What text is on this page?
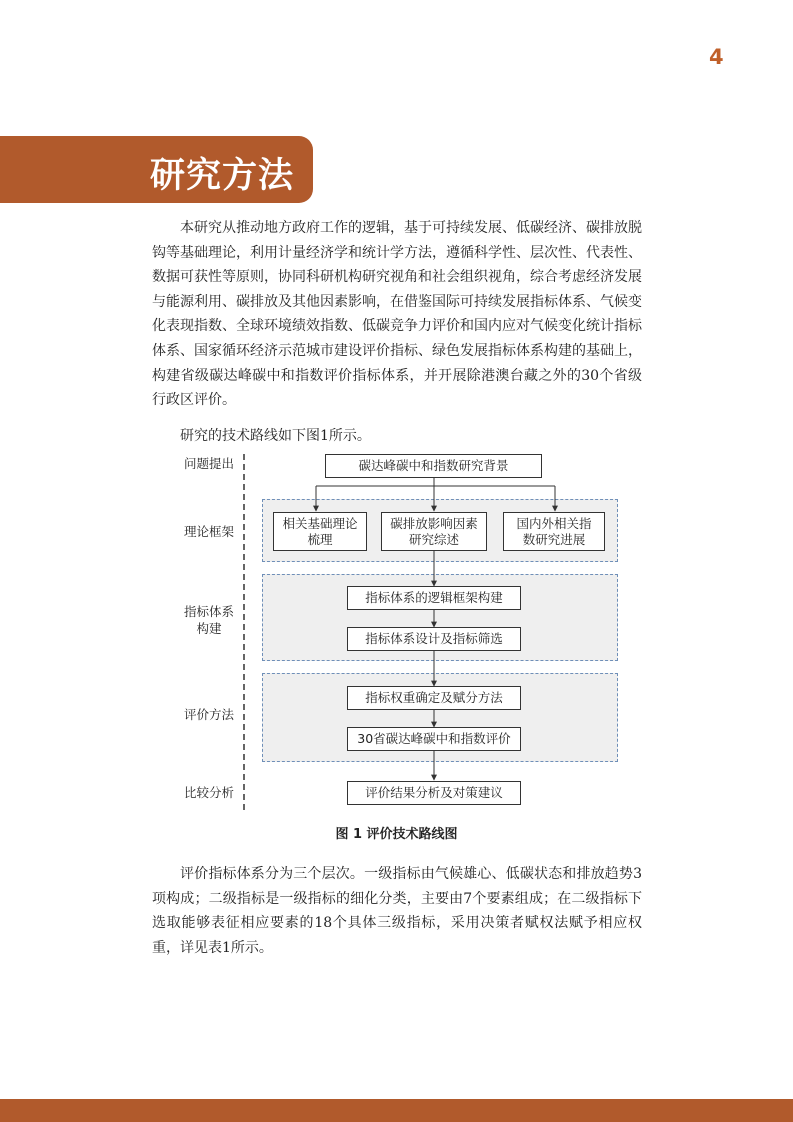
4
研究方法

本研究从推动地方政府工作的逻辑，基于可持续发展、低碳经济、碳排放脱钩等基础理论，利用计量经济学和统计学方法，遵循科学性、层次性、代表性、数据可获性等原则，协同科研机构研究视角和社会组织视角，综合考虑经济发展与能源利用、碳排放及其他因素影响，在借鉴国际可持续发展指标体系、气候变化表现指数、全球环境绩效指数、低碳竞争力评价和国内应对气候变化统计指标体系、国家循环经济示范城市建设评价指标、绿色发展指标体系构建的基础上，构建省级碳达峰碳中和指数评价指标体系，并开展除港澳台藏之外的30个省级行政区评价。

研究的技术路线如下图1所示。

问题提出
理论框架
指标体系
构建
评价方法
比较分析
碳达峰碳中和指数研究背景
相关基础理论
梳理
碳排放影响因素
研究综述
国内外相关指
数研究进展
指标体系的逻辑框架构建
指标体系设计及指标筛选
指标权重确定及赋分方法
30省碳达峰碳中和指数评价
评价结果分析及对策建议
图 1 评价技术路线图

评价指标体系分为三个层次。一级指标由气候雄心、低碳状态和排放趋势3项构成；二级指标是一级指标的细化分类，主要由7个要素组成；在二级指标下选取能够表征相应要素的18个具体三级指标，采用决策者赋权法赋予相应权重，详见表1所示。
